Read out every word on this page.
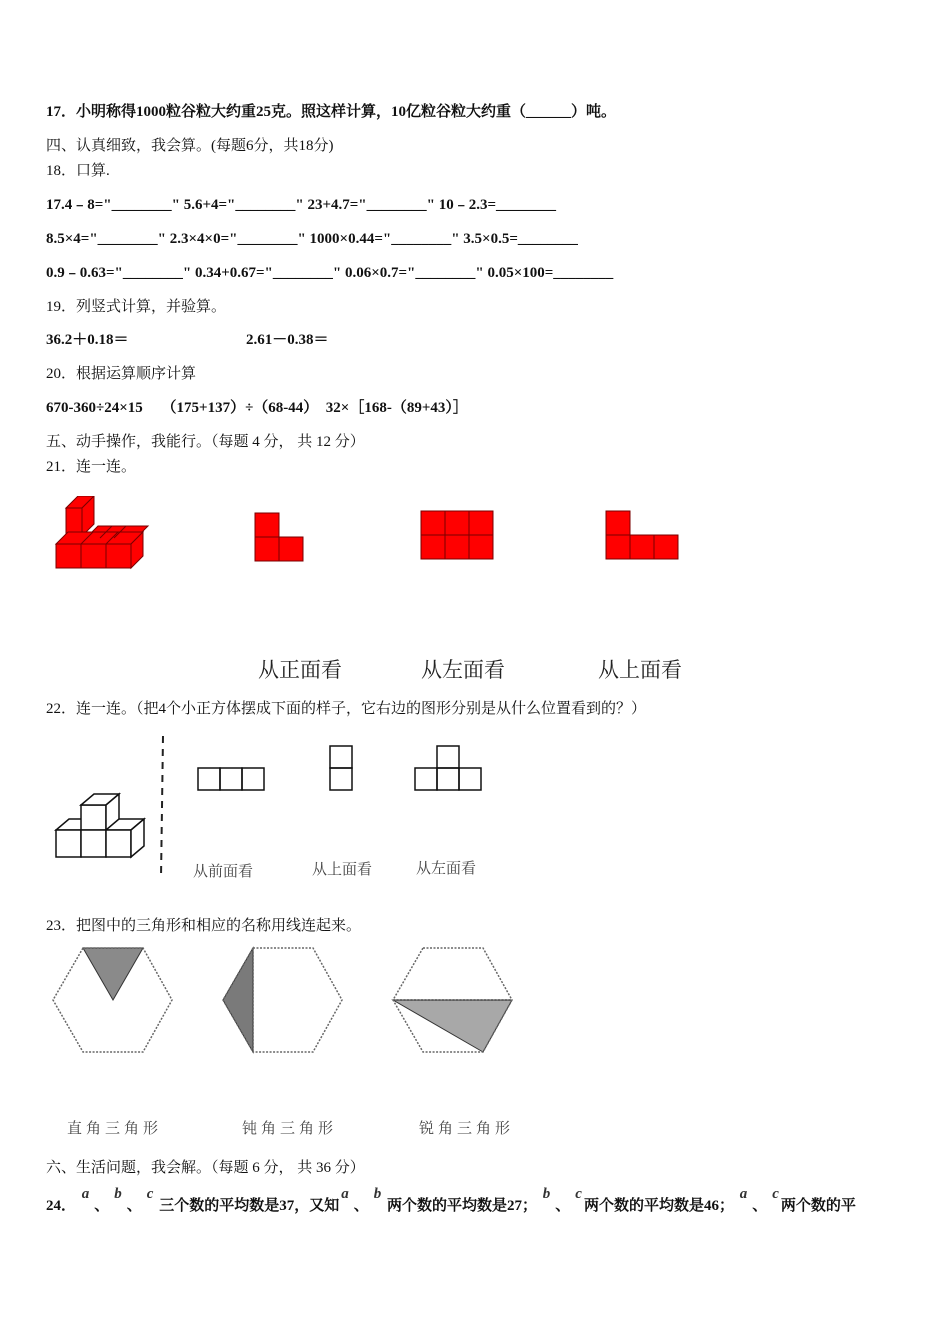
17．小明称得1000粒谷粒大约重25克。照这样计算，10亿粒谷粒大约重（______）吨。
四、认真细致，我会算。(每题6分，共18分)
18．口算.
17.4﹣8="________" 5.6+4="________" 23+4.7="________" 10﹣2.3=________
8.5×4="________" 2.3×4×0="________" 1000×0.44="________" 3.5×0.5=________
0.9﹣0.63="________" 0.34+0.67="________" 0.06×0.7="________" 0.05×100=________
19．列竖式计算，并验算。
36.2＋0.18＝	2.61－0.38＝
20．根据运算顺序计算
670-360÷24×15　 （175+137）÷（68-44）　32×［168-（89+43）］
五、动手操作，我能行。（每题 4 分， 共 12 分）
21．连一连。
从正面看	从左面看	从上面看
22．连一连。（把4个小正方体摆成下面的样子，它右边的图形分别是从什么位置看到的？）
从前面看	从上面看	从左面看
23．把图中的三角形和相应的名称用线连起来。
直角三角形	钝角三角形	锐角三角形
六、生活问题，我会解。（每题 6 分， 共 36 分）
24． a、b、c 三个数的平均数是37，又知a、b 两个数的平均数是27； b、c两个数的平均数是46； a、c两个数的平
